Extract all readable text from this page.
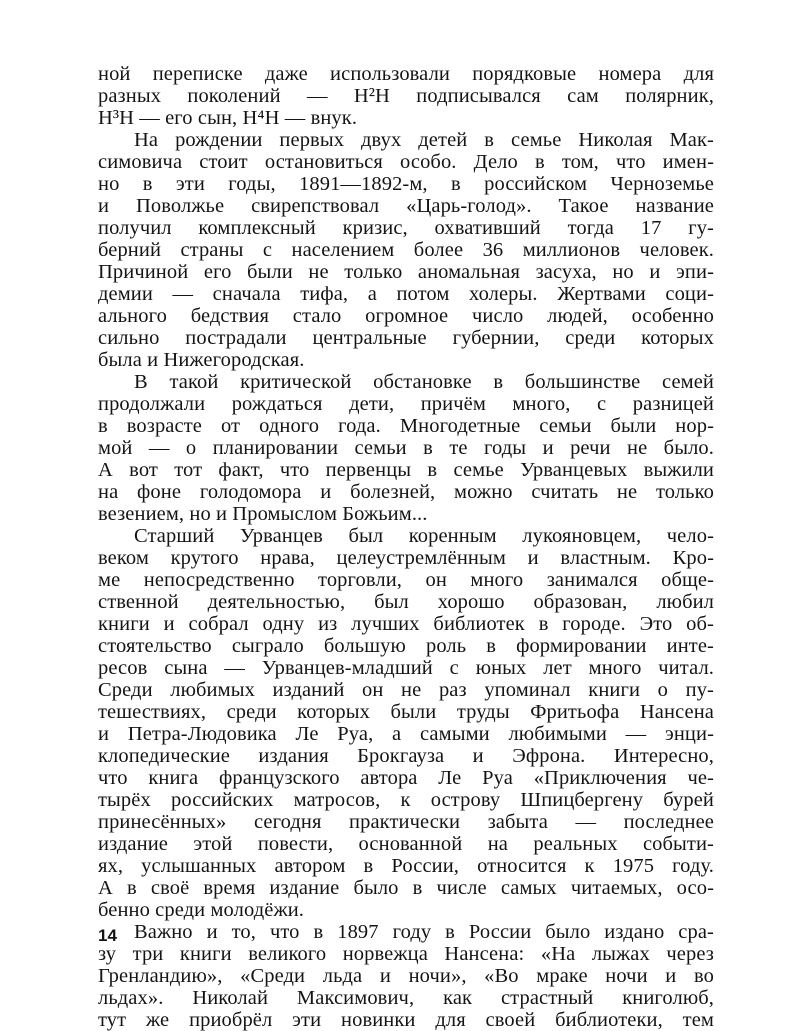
ной переписке даже использовали порядковые номера для
разных поколений — Н²Н подписывался сам полярник,
Н³Н — его сын, Н⁴Н — внук.
На рождении первых двух детей в семье Николая Мак-
симовича стоит остановиться особо. Дело в том, что имен-
но в эти годы, 1891—1892-м, в российском Черноземье
и Поволжье свирепствовал «Царь-голод». Такое название
получил комплексный кризис, охвативший тогда 17 гу-
берний страны с населением более 36 миллионов человек.
Причиной его были не только аномальная засуха, но и эпи-
демии — сначала тифа, а потом холеры. Жертвами соци-
ального бедствия стало огромное число людей, особенно
сильно пострадали центральные губернии, среди которых
была и Нижегородская.
В такой критической обстановке в большинстве семей
продолжали рождаться дети, причём много, с разницей
в возрасте от одного года. Многодетные семьи были нор-
мой — о планировании семьи в те годы и речи не было.
А вот тот факт, что первенцы в семье Урванцевых выжили
на фоне голодомора и болезней, можно считать не только
везением, но и Промыслом Божьим...
Старший Урванцев был коренным лукояновцем, чело-
веком крутого нрава, целеустремлённым и властным. Кро-
ме непосредственно торговли, он много занимался обще-
ственной деятельностью, был хорошо образован, любил
книги и собрал одну из лучших библиотек в городе. Это об-
стоятельство сыграло большую роль в формировании инте-
ресов сына — Урванцев-младший с юных лет много читал.
Среди любимых изданий он не раз упоминал книги о пу-
тешествиях, среди которых были труды Фритьофа Нансена
и Петра-Людовика Ле Руа, а самыми любимыми — энци-
клопедические издания Брокгауза и Эфрона. Интересно,
что книга французского автора Ле Руа «Приключения че-
тырёх российских матросов, к острову Шпицбергену бурей
принесённых» сегодня практически забыта — последнее
издание этой повести, основанной на реальных событи-
ях, услышанных автором в России, относится к 1975 году.
А в своё время издание было в числе самых читаемых, осо-
бенно среди молодёжи.
Важно и то, что в 1897 году в России было издано сра-
зу три книги великого норвежца Нансена: «На лыжах через
Гренландию», «Среди льда и ночи», «Во мраке ночи и во
льдах». Николай Максимович, как страстный книголюб,
тут же приобрёл эти новинки для своей библиотеки, тем
14
